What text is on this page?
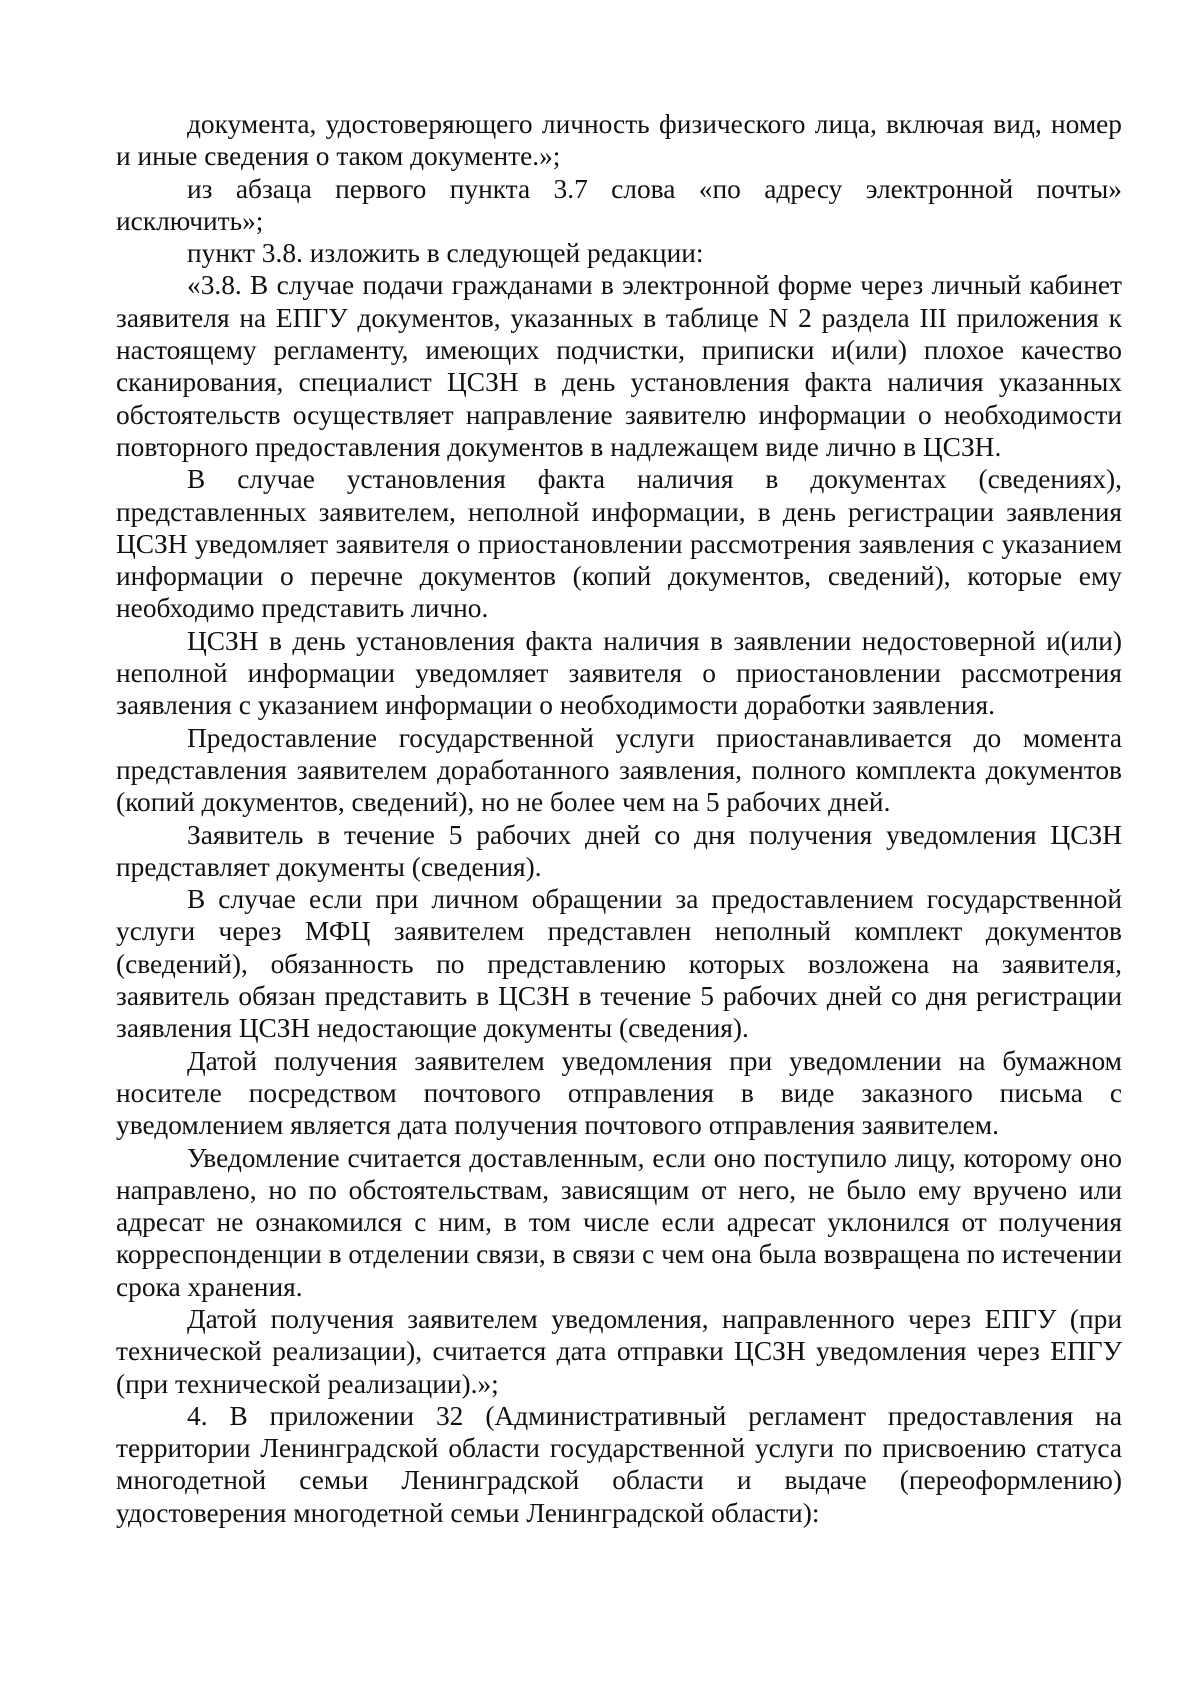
документа, удостоверяющего личность физического лица, включая вид, номер и иные сведения о таком документе.»;

из абзаца первого пункта 3.7 слова «по адресу электронной почты» исключить»;

пункт 3.8. изложить в следующей редакции:

«3.8. В случае подачи гражданами в электронной форме через личный кабинет заявителя на ЕПГУ документов, указанных в таблице N 2 раздела III приложения к настоящему регламенту, имеющих подчистки, приписки и(или) плохое качество сканирования, специалист ЦСЗН в день установления факта наличия указанных обстоятельств осуществляет направление заявителю информации о необходимости повторного предоставления документов в надлежащем виде лично в ЦСЗН.

В случае установления факта наличия в документах (сведениях), представленных заявителем, неполной информации, в день регистрации заявления ЦСЗН уведомляет заявителя о приостановлении рассмотрения заявления с указанием информации о перечне документов (копий документов, сведений), которые ему необходимо представить лично.

ЦСЗН в день установления факта наличия в заявлении недостоверной и(или) неполной информации уведомляет заявителя о приостановлении рассмотрения заявления с указанием информации о необходимости доработки заявления.

Предоставление государственной услуги приостанавливается до момента представления заявителем доработанного заявления, полного комплекта документов (копий документов, сведений), но не более чем на 5 рабочих дней.

Заявитель в течение 5 рабочих дней со дня получения уведомления ЦСЗН представляет документы (сведения).

В случае если при личном обращении за предоставлением государственной услуги через МФЦ заявителем представлен неполный комплект документов (сведений), обязанность по представлению которых возложена на заявителя, заявитель обязан представить в ЦСЗН в течение 5 рабочих дней со дня регистрации заявления ЦСЗН недостающие документы (сведения).

Датой получения заявителем уведомления при уведомлении на бумажном носителе посредством почтового отправления в виде заказного письма с уведомлением является дата получения почтового отправления заявителем.

Уведомление считается доставленным, если оно поступило лицу, которому оно направлено, но по обстоятельствам, зависящим от него, не было ему вручено или адресат не ознакомился с ним, в том числе если адресат уклонился от получения корреспонденции в отделении связи, в связи с чем она была возвращена по истечении срока хранения.

Датой получения заявителем уведомления, направленного через ЕПГУ (при технической реализации), считается дата отправки ЦСЗН уведомления через ЕПГУ (при технической реализации).»;

4. В приложении 32 (Административный регламент предоставления на территории Ленинградской области государственной услуги по присвоению статуса многодетной семьи Ленинградской области и выдаче (переоформлению) удостоверения многодетной семьи Ленинградской области):
